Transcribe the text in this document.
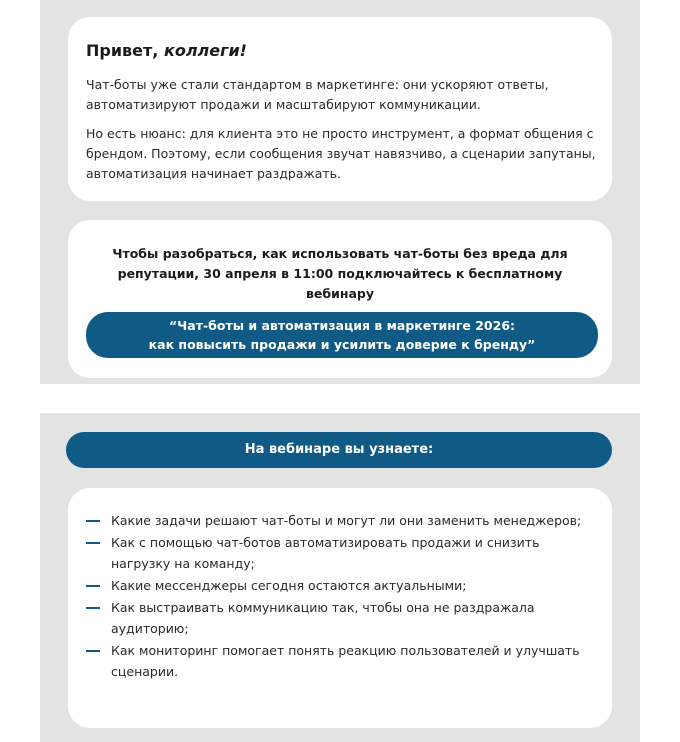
Привет, коллеги!
Чат-боты уже стали стандартом в маркетинге: они ускоряют ответы, автоматизируют продажи и масштабируют коммуникации.
Но есть нюанс: для клиента это не просто инструмент, а формат общения с брендом. Поэтому, если сообщения звучат навязчиво, а сценарии запутаны, автоматизация начинает раздражать.
Чтобы разобраться, как использовать чат-боты без вреда для репутации, 30 апреля в 11:00 подключайтесь к бесплатному вебинару
“Чат-боты и автоматизация в маркетинге 2026:
как повысить продажи и усилить доверие к бренду”
На вебинаре вы узнаете:
Какие задачи решают чат-боты и могут ли они заменить менеджеров;
Как с помощью чат-ботов автоматизировать продажи и снизить нагрузку на команду;
Какие мессенджеры сегодня остаются актуальными;
Как выстраивать коммуникацию так, чтобы она не раздражала аудиторию;
Как мониторинг помогает понять реакцию пользователей и улучшать сценарии.
